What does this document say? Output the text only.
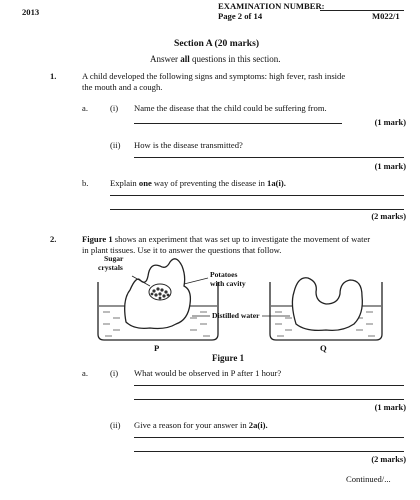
2013
EXAMINATION NUMBER:
Page 2 of 14	M022/1
Section A (20 marks)
Answer all questions in this section.
1.	A child developed the following signs and symptoms: high fever, rash inside
the mouth and a cough.
a.	(i) Name the disease that the child could be suffering from.
(1 mark)
(ii) How is the disease transmitted?
(1 mark)
b.	Explain one way of preventing the disease in 1a(i).
(2 marks)
2.	Figure 1 shows an experiment that was set up to investigate the movement of water
in plant tissues. Use it to answer the questions that follow.
Sugar
crystals
Potatoes
with cavity
Distilled water
P	Q
Figure 1
a.	(i) What would be observed in P after 1 hour?
(1 mark)
(ii) Give a reason for your answer in 2a(i).
(2 marks)
Continued/...
